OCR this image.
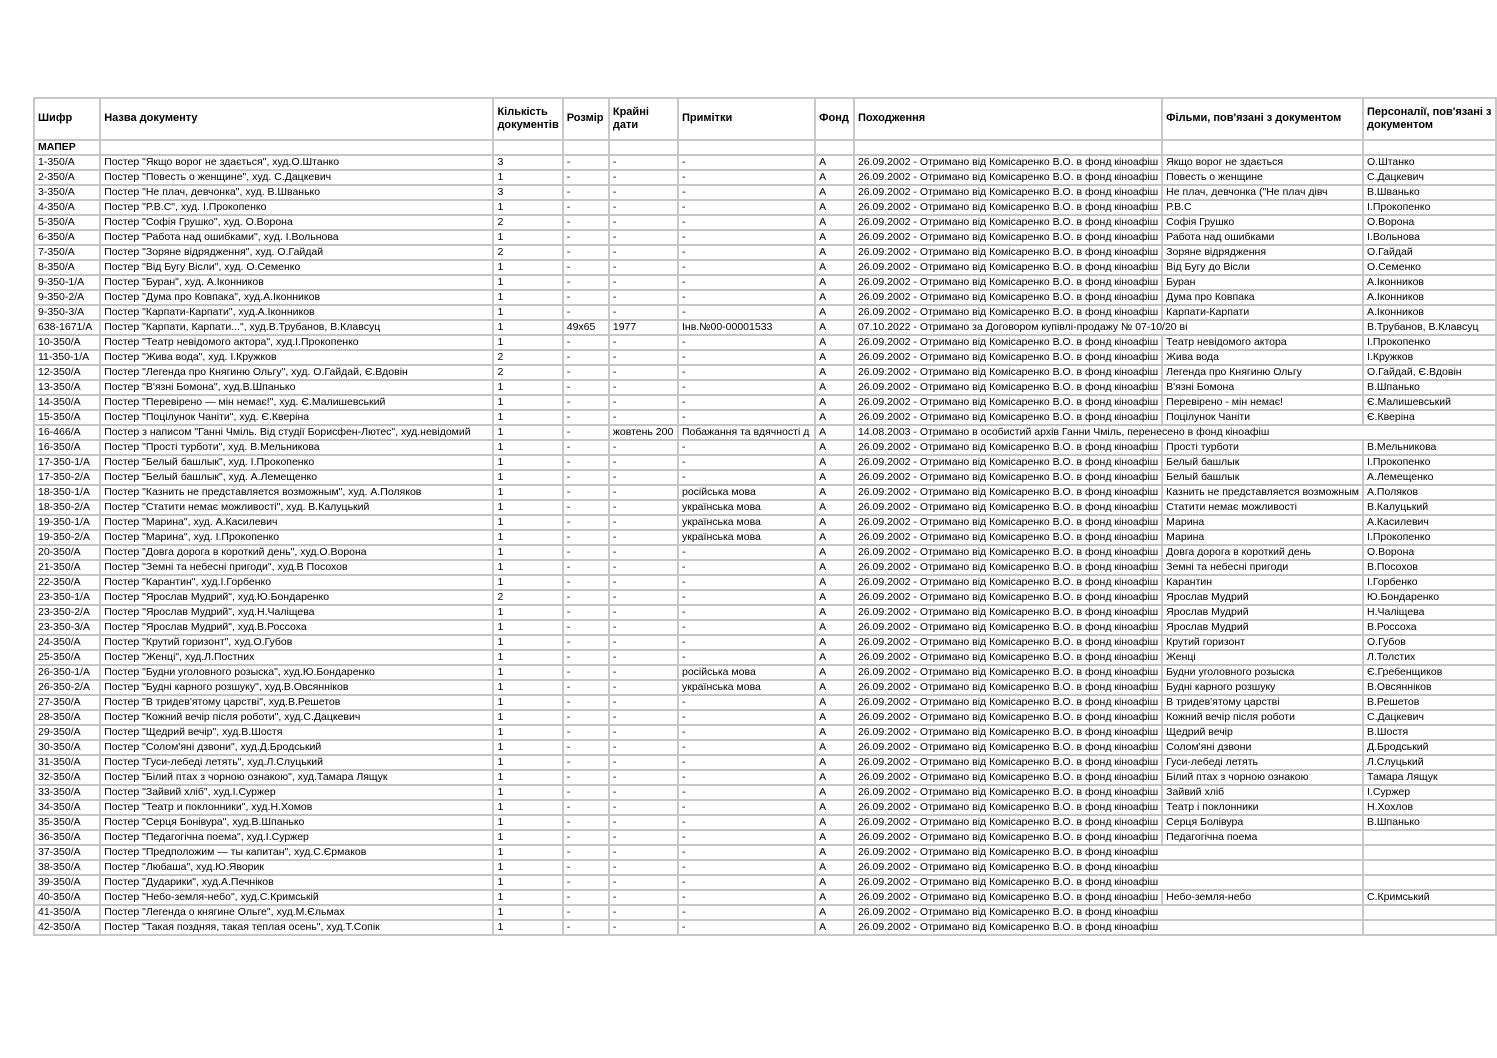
Шифр	Назва документу	Кількість документів	Розмір	Крайні дати	Примітки	Фонд	Походження	Фільми, пов'язані з документом	Персоналії, пов'язані з документом
МАПЕР									
1-350/А	Постер "Якщо ворог не здається", худ.О.Штанко	3	-	-	-	А	26.09.2002 - Отримано від Комісаренко В.О. в фонд кіноафіш	Якщо ворог не здається	О.Штанко
2-350/А	Постер "Повесть о женщине", худ. С.Дацкевич	1	-	-	-	А	26.09.2002 - Отримано від Комісаренко В.О. в фонд кіноафіш	Повесть о женщине	С.Дацкевич
3-350/А	Постер "Не плач, девчонка", худ. В.Шванько	3	-	-	-	А	26.09.2002 - Отримано від Комісаренко В.О. в фонд кіноафіш	Не плач, девчонка ("Не плач дівч	В.Шванько
4-350/А	Постер "Р.В.С", худ. І.Прокопенко	1	-	-	-	А	26.09.2002 - Отримано від Комісаренко В.О. в фонд кіноафіш	Р.В.С	І.Прокопенко
5-350/А	Постер "Софія Грушко", худ. О.Ворона	2	-	-	-	А	26.09.2002 - Отримано від Комісаренко В.О. в фонд кіноафіш	Софія Грушко	О.Ворона
6-350/А	Постер "Работа над ошибками", худ. І.Вольнова	1	-	-	-	А	26.09.2002 - Отримано від Комісаренко В.О. в фонд кіноафіш	Работа над ошибками	І.Вольнова
7-350/А	Постер "Зоряне відрядження", худ. О.Гайдай	2	-	-	-	А	26.09.2002 - Отримано від Комісаренко В.О. в фонд кіноафіш	Зоряне відрядження	О.Гайдай
8-350/А	Постер "Від Бугу Вісли", худ. О.Семенко	1	-	-	-	А	26.09.2002 - Отримано від Комісаренко В.О. в фонд кіноафіш	Від Бугу до Вісли	О.Семенко
9-350-1/А	Постер "Буран", худ. А.Іконников	1	-	-	-	А	26.09.2002 - Отримано від Комісаренко В.О. в фонд кіноафіш	Буран	А.Іконников
9-350-2/А	Постер "Дума про Ковпака", худ.А.Іконников	1	-	-	-	А	26.09.2002 - Отримано від Комісаренко В.О. в фонд кіноафіш	Дума про Ковпака	А.Іконников
9-350-3/А	Постер "Карпати-Карпати", худ.А.Іконников	1	-	-	-	А	26.09.2002 - Отримано від Комісаренко В.О. в фонд кіноафіш	Карпати-Карпати	А.Іконников
638-1671/А	Постер "Карпати, Карпати...", худ.В.Трубанов, В.Клавсуц	1	49х65	1977	Інв.№00-00001533	А	07.10.2022 - Отримано за Договором купівлі-продажу № 07-10/20 ві		В.Трубанов, В.Клавсуц
10-350/А	Постер "Театр невідомого актора", худ.І.Прокопенко	1	-	-	-	А	26.09.2002 - Отримано від Комісаренко В.О. в фонд кіноафіш	Театр невідомого актора	І.Прокопенко
11-350-1/А	Постер "Жива вода", худ. І.Кружков	2	-	-	-	А	26.09.2002 - Отримано від Комісаренко В.О. в фонд кіноафіш	Жива вода	І.Кружков
12-350/А	Постер "Легенда про Княгиню Ольгу", худ. О.Гайдай, Є.Вдовін	2	-	-	-	А	26.09.2002 - Отримано від Комісаренко В.О. в фонд кіноафіш	Легенда про Княгиню Ольгу	О.Гайдай, Є.Вдовін
13-350/А	Постер "В'язні Бомона", худ.В.Шпанько	1	-	-	-	А	26.09.2002 - Отримано від Комісаренко В.О. в фонд кіноафіш	В'язні Бомона	В.Шпанько
14-350/А	Постер "Перевірено — мін немає!", худ. Є.Малишевський	1	-	-	-	А	26.09.2002 - Отримано від Комісаренко В.О. в фонд кіноафіш	Перевірено - мін немає!	Є.Малишевський
15-350/А	Постер "Поцілунок Чаніти", худ. Є.Кверіна	1	-	-	-	А	26.09.2002 - Отримано від Комісаренко В.О. в фонд кіноафіш	Поцілунок Чаніти	Є.Кверіна
16-466/А	Постер з написом "Ганні Чміль. Від студії Борисфен-Лютес", худ.невідомий	1	-	жовтень 200	Побажання та вдячності д	А	14.08.2003 - Отримано в особистий архів Ганни Чміль, перенесено в фонд кіноафіш		
16-350/А	Постер "Прості турботи", худ. В.Мельникова	1	-	-	-	А	26.09.2002 - Отримано від Комісаренко В.О. в фонд кіноафіш	Прості турботи	В.Мельникова
17-350-1/А	Постер "Белый башлык", худ. І.Прокопенко	1	-	-	-	А	26.09.2002 - Отримано від Комісаренко В.О. в фонд кіноафіш	Белый башлык	І.Прокопенко
17-350-2/А	Постер "Белый башлык", худ. А.Лемещенко	1	-	-	-	А	26.09.2002 - Отримано від Комісаренко В.О. в фонд кіноафіш	Белый башлык	А.Лемещенко
18-350-1/А	Постер "Казнить не представляется возможным", худ. А.Поляков	1	-	-	російська мова	А	26.09.2002 - Отримано від Комісаренко В.О. в фонд кіноафіш	Казнить не представляется возможным	А.Поляков
18-350-2/А	Постер "Статити немає можливості", худ. В.Калуцький	1	-	-	українська мова	А	26.09.2002 - Отримано від Комісаренко В.О. в фонд кіноафіш	Статити немає можливості	В.Калуцький
19-350-1/А	Постер "Марина", худ. А.Касилевич	1	-	-	українська мова	А	26.09.2002 - Отримано від Комісаренко В.О. в фонд кіноафіш	Марина	А.Касилевич
19-350-2/А	Постер "Марина", худ. І.Прокопенко	1	-	-	українська мова	А	26.09.2002 - Отримано від Комісаренко В.О. в фонд кіноафіш	Марина	І.Прокопенко
20-350/А	Постер "Довга дорога в короткий день", худ.О.Ворона	1	-	-	-	А	26.09.2002 - Отримано від Комісаренко В.О. в фонд кіноафіш	Довга дорога в короткий день	О.Ворона
21-350/А	Постер "Земні та небесні пригоди", худ.В Посохов	1	-	-	-	А	26.09.2002 - Отримано від Комісаренко В.О. в фонд кіноафіш	Земні та небесні пригоди	В.Посохов
22-350/А	Постер "Карантин", худ.І.Горбенко	1	-	-	-	А	26.09.2002 - Отримано від Комісаренко В.О. в фонд кіноафіш	Карантин	І.Горбенко
23-350-1/А	Постер "Ярослав Мудрий", худ.Ю.Бондаренко	2	-	-	-	А	26.09.2002 - Отримано від Комісаренко В.О. в фонд кіноафіш	Ярослав Мудрий	Ю.Бондаренко
23-350-2/А	Постер "Ярослав Мудрий", худ.Н.Чаліщева	1	-	-	-	А	26.09.2002 - Отримано від Комісаренко В.О. в фонд кіноафіш	Ярослав Мудрий	Н.Чаліщева
23-350-3/А	Постер "Ярослав Мудрий", худ.В.Россоха	1	-	-	-	А	26.09.2002 - Отримано від Комісаренко В.О. в фонд кіноафіш	Ярослав Мудрий	В.Россоха
24-350/А	Постер "Крутий горизонт", худ.О.Губов	1	-	-	-	А	26.09.2002 - Отримано від Комісаренко В.О. в фонд кіноафіш	Крутий горизонт	О.Губов
25-350/А	Постер "Женці", худ.Л.Постних	1	-	-	-	А	26.09.2002 - Отримано від Комісаренко В.О. в фонд кіноафіш	Женці	Л.Толстих
26-350-1/А	Постер "Будни уголовного розыска", худ.Ю.Бондаренко	1	-	-	російська мова	А	26.09.2002 - Отримано від Комісаренко В.О. в фонд кіноафіш	Будни уголовного розыска	Є.Гребенщиков
26-350-2/А	Постер "Будні карного розшуку", худ.В.Овсянніков	1	-	-	українська мова	А	26.09.2002 - Отримано від Комісаренко В.О. в фонд кіноафіш	Будні карного розшуку	В.Овсянніков
27-350/А	Постер "В тридев'ятому царстві", худ.В.Решетов	1	-	-	-	А	26.09.2002 - Отримано від Комісаренко В.О. в фонд кіноафіш	В тридев'ятому царстві	В.Решетов
28-350/А	Постер "Кожний вечір після роботи", худ.С.Дацкевич	1	-	-	-	А	26.09.2002 - Отримано від Комісаренко В.О. в фонд кіноафіш	Кожний вечір після роботи	С.Дацкевич
29-350/А	Постер "Щедрий вечір", худ.В.Шостя	1	-	-	-	А	26.09.2002 - Отримано від Комісаренко В.О. в фонд кіноафіш	Щедрий вечір	В.Шостя
30-350/А	Постер "Солом'яні дзвони", худ.Д.Бродський	1	-	-	-	А	26.09.2002 - Отримано від Комісаренко В.О. в фонд кіноафіш	Солом'яні дзвони	Д.Бродський
31-350/А	Постер "Гуси-лебеді летять", худ.Л.Слуцький	1	-	-	-	А	26.09.2002 - Отримано від Комісаренко В.О. в фонд кіноафіш	Гуси-лебеді летять	Л.Слуцький
32-350/А	Постер "Білий птах з чорною ознакою", худ.Тамара Лящук	1	-	-	-	А	26.09.2002 - Отримано від Комісаренко В.О. в фонд кіноафіш	Білий птах з чорною ознакою	Тамара Лящук
33-350/А	Постер "Зайвий хліб", худ.І.Суржер	1	-	-	-	А	26.09.2002 - Отримано від Комісаренко В.О. в фонд кіноафіш	Зайвий хліб	І.Суржер
34-350/А	Постер "Театр и поклонники", худ.Н.Хомов	1	-	-	-	А	26.09.2002 - Отримано від Комісаренко В.О. в фонд кіноафіш	Театр і поклонники	Н.Хохлов
35-350/А	Постер "Серця Бонівура", худ.В.Шпанько	1	-	-	-	А	26.09.2002 - Отримано від Комісаренко В.О. в фонд кіноафіш	Серця Болівура	В.Шпанько
36-350/А	Постер "Педагогічна поема", худ.І.Суржер	1	-	-	-	А	26.09.2002 - Отримано від Комісаренко В.О. в фонд кіноафіш	Педагогічна поема	
37-350/А	Постер "Предположим — ты капитан", худ.С.Єрмаков	1	-	-	-	А	26.09.2002 - Отримано від Комісаренко В.О. в фонд кіноафіш		
38-350/А	Постер "Любаша", худ.Ю.Яворик	1	-	-	-	А	26.09.2002 - Отримано від Комісаренко В.О. в фонд кіноафіш		
39-350/А	Постер "Дударики", худ.А.Печніков	1	-	-	-	А	26.09.2002 - Отримано від Комісаренко В.О. в фонд кіноафіш		
40-350/А	Постер "Небо-земля-небо", худ.С.Кримській	1	-	-	-	А	26.09.2002 - Отримано від Комісаренко В.О. в фонд кіноафіш	Небо-земля-небо	С.Кримський
41-350/А	Постер "Легенда о княгине Ольге", худ.М.Єльмах	1	-	-	-	А	26.09.2002 - Отримано від Комісаренко В.О. в фонд кіноафіш		
42-350/А	Постер "Такая поздняя, такая теплая осень", худ.Т.Сопік	1	-	-	-	А	26.09.2002 - Отримано від Комісаренко В.О. в фонд кіноафіш		
